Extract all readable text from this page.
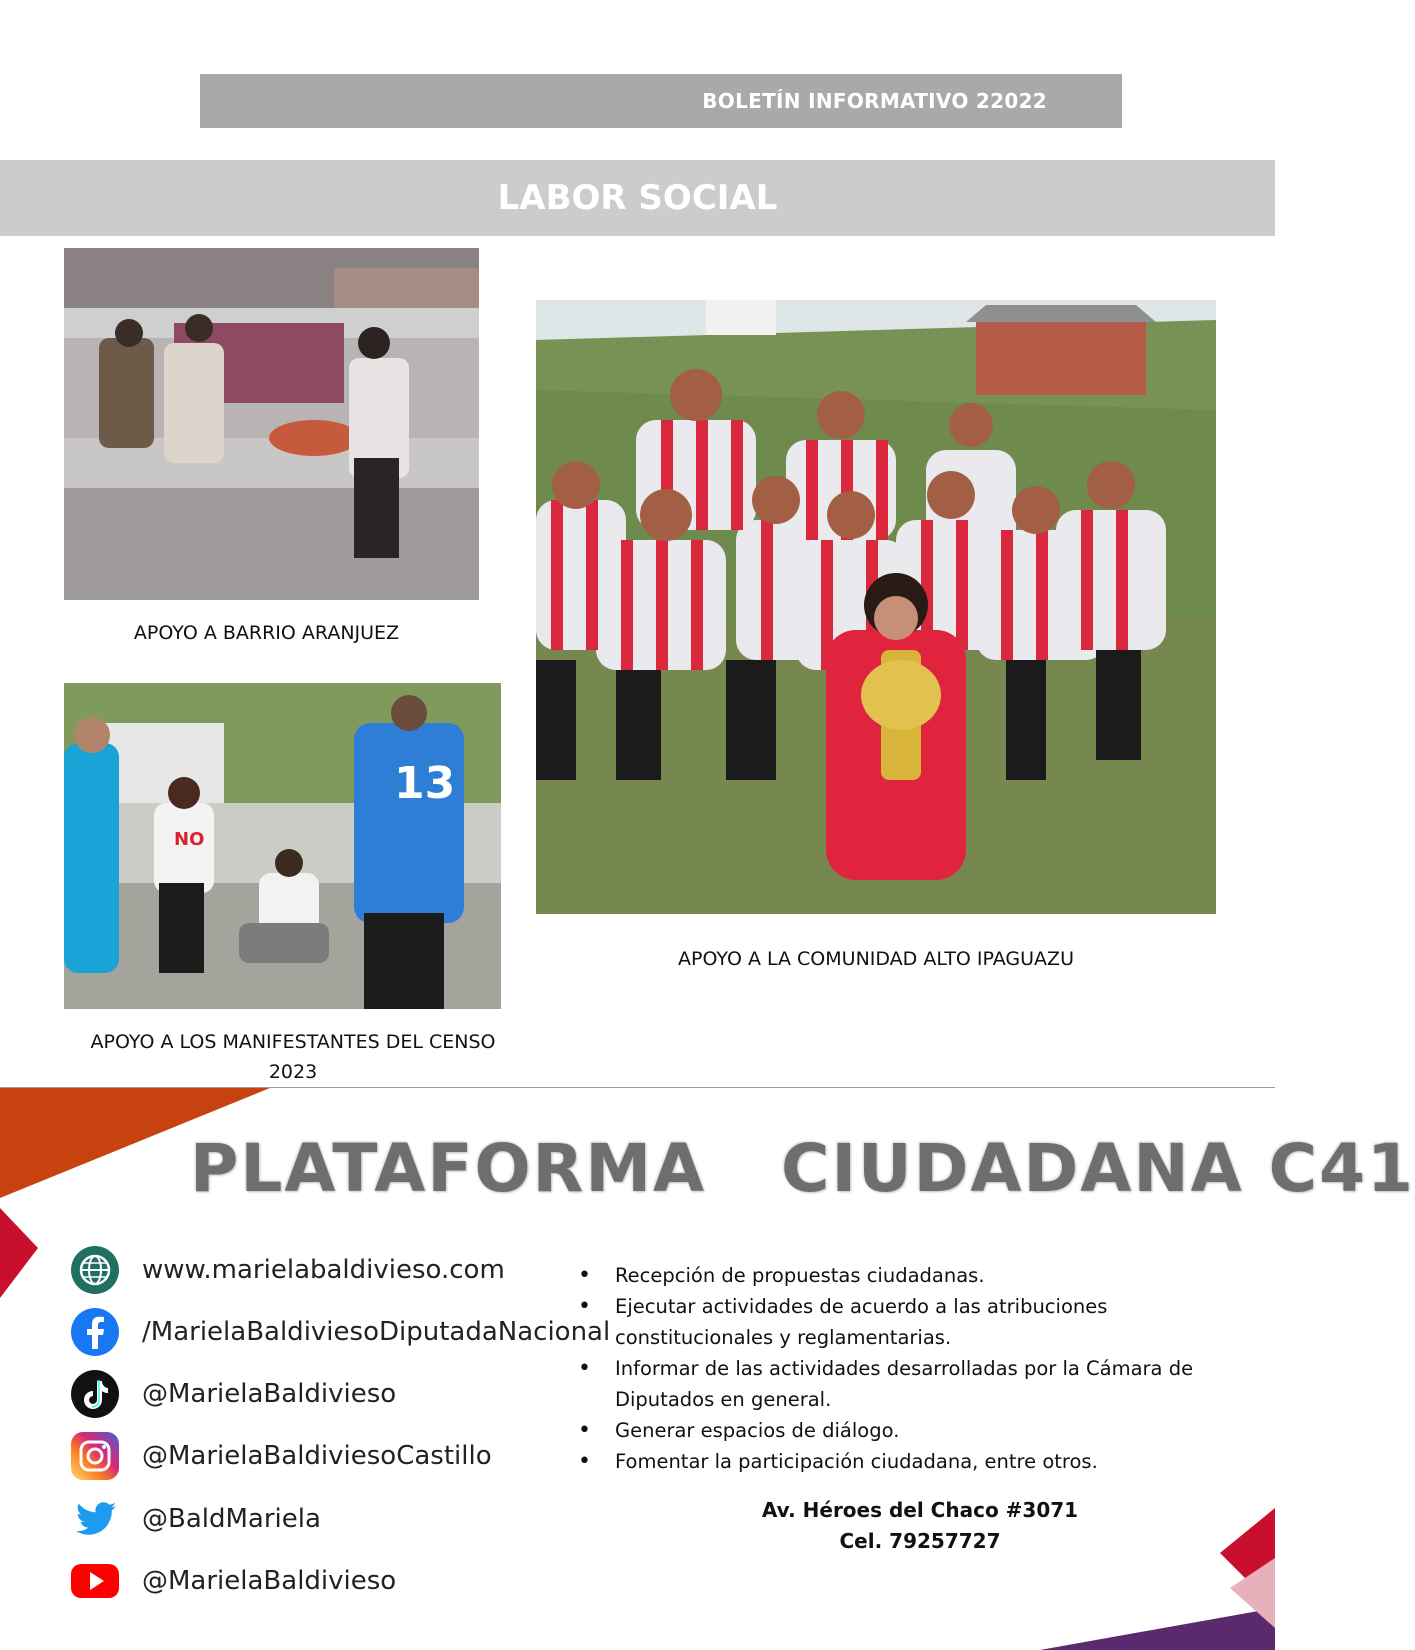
BOLETÍN INFORMATIVO 22022
LABOR SOCIAL
APOYO A BARRIO ARANJUEZ
APOYO A LA COMUNIDAD ALTO IPAGUAZU
13
NO
APOYO A LOS MANIFESTANTES DEL CENSO
2023
PLATAFORMA   CIUDADANA C41
www.marielabaldivieso.com
/MarielaBaldiviesoDiputadaNacional
@MarielaBaldivieso
@MarielaBaldiviesoCastillo
@BaldMariela
@MarielaBaldivieso
• Recepción de propuestas ciudadanas.
• Ejecutar actividades de acuerdo a las atribuciones constitucionales y reglamentarias.
• Informar de las actividades desarrolladas por la Cámara de Diputados en general.
• Generar espacios de diálogo.
• Fomentar la participación ciudadana, entre otros.
Av. Héroes del Chaco #3071
Cel. 79257727
